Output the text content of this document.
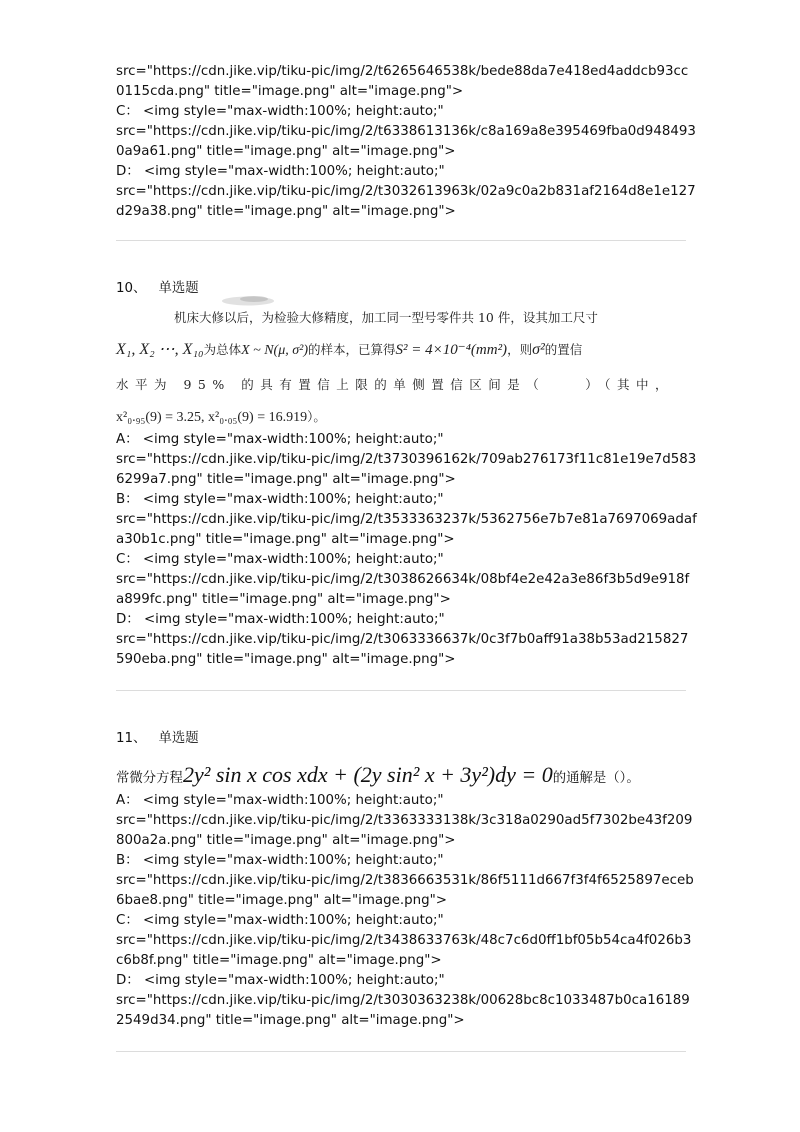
src="https://cdn.jike.vip/tiku-pic/img/2/t6265646538k/bede88da7e418ed4addcb93cc

0115cda.png" title="image.png" alt="image.png">

C： <img style="max-width:100%; height:auto;"

src="https://cdn.jike.vip/tiku-pic/img/2/t6338613136k/c8a169a8e395469fba0d948493

0a9a61.png" title="image.png" alt="image.png">

D： <img style="max-width:100%; height:auto;"

src="https://cdn.jike.vip/tiku-pic/img/2/t3032613963k/02a9c0a2b831af2164d8e1e127

d29a38.png" title="image.png" alt="image.png">

10、 单选题

机床大修以后，为检验大修精度，加工同一型号零件共 10 件，设其加工尺寸

X₁, X₂ ⋯, X₁₀为总体X ~ N(μ, σ²)的样本，已算得S² = 4×10⁻⁴(mm²)，则σ²的置信

水平为 95% 的具有置信上限的单侧置信区间是（	）（其中，

x²₀.₉₅(9) = 3.25, x²₀.₀₅(9) = 16.919）。

A： <img style="max-width:100%; height:auto;"

src="https://cdn.jike.vip/tiku-pic/img/2/t3730396162k/709ab276173f11c81e19e7d583

6299a7.png" title="image.png" alt="image.png">

B： <img style="max-width:100%; height:auto;"

src="https://cdn.jike.vip/tiku-pic/img/2/t3533363237k/5362756e7b7e81a7697069adaf

a30b1c.png" title="image.png" alt="image.png">

C： <img style="max-width:100%; height:auto;"

src="https://cdn.jike.vip/tiku-pic/img/2/t3038626634k/08bf4e2e42a3e86f3b5d9e918f

a899fc.png" title="image.png" alt="image.png">

D： <img style="max-width:100%; height:auto;"

src="https://cdn.jike.vip/tiku-pic/img/2/t3063336637k/0c3f7b0aff91a38b53ad215827

590eba.png" title="image.png" alt="image.png">

11、 单选题

常微分方程2y² sin x cos xdx + (2y sin² x + 3y²)dy = 0的通解是（）。

A： <img style="max-width:100%; height:auto;"

src="https://cdn.jike.vip/tiku-pic/img/2/t3363333138k/3c318a0290ad5f7302be43f209

800a2a.png" title="image.png" alt="image.png">

B： <img style="max-width:100%; height:auto;"

src="https://cdn.jike.vip/tiku-pic/img/2/t3836663531k/86f5111d667f3f4f6525897eceb

6bae8.png" title="image.png" alt="image.png">

C： <img style="max-width:100%; height:auto;"

src="https://cdn.jike.vip/tiku-pic/img/2/t3438633763k/48c7c6d0ff1bf05b54ca4f026b3

c6b8f.png" title="image.png" alt="image.png">

D： <img style="max-width:100%; height:auto;"

src="https://cdn.jike.vip/tiku-pic/img/2/t3030363238k/00628bc8c1033487b0ca16189

2549d34.png" title="image.png" alt="image.png">
